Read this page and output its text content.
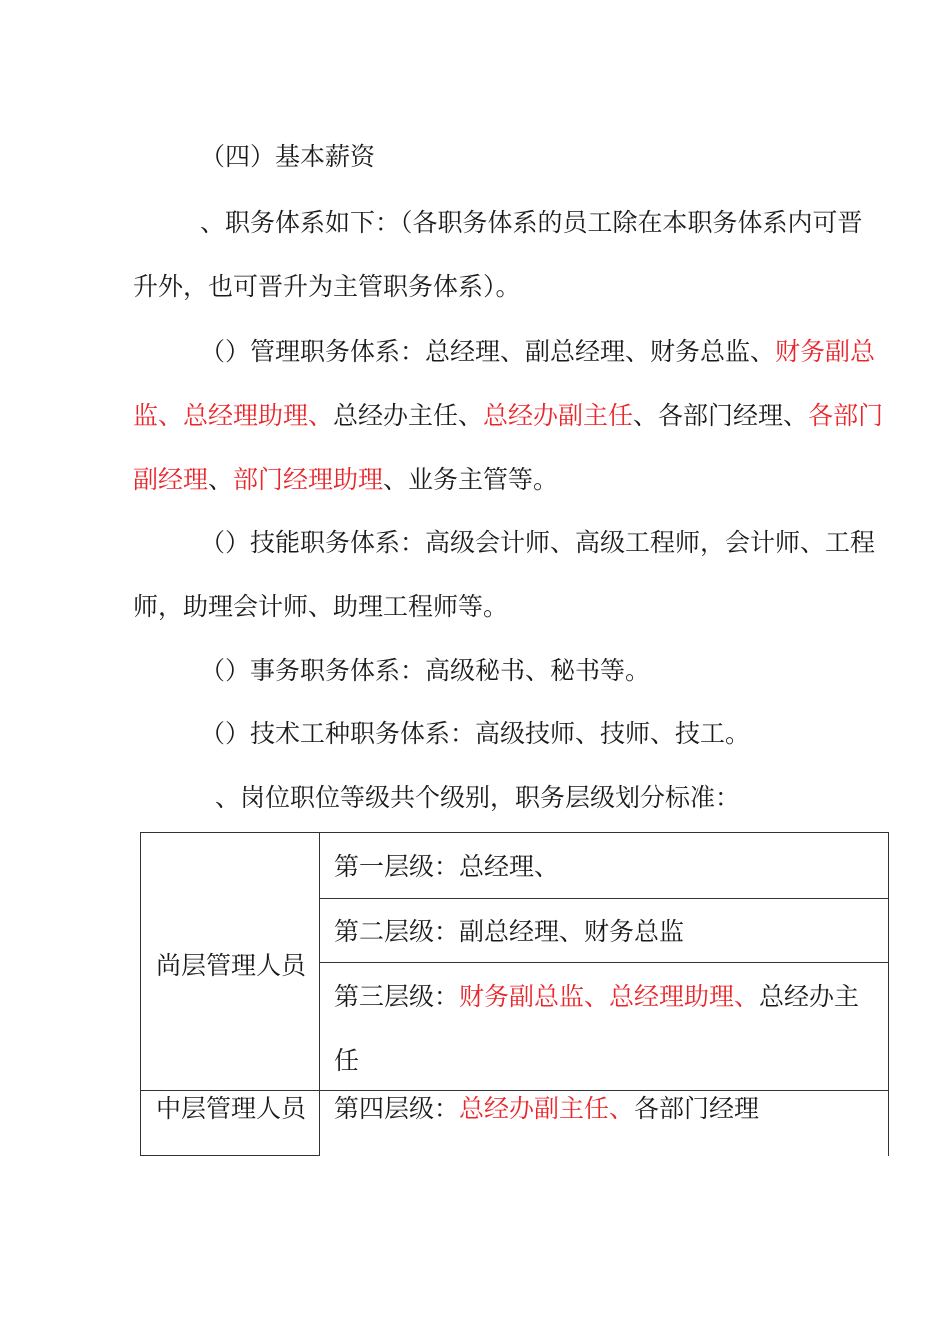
（四）基本薪资
、职务体系如下：（各职务体系的员工除在本职务体系内可晋
升外，也可晋升为主管职务体系）。
（）管理职务体系：总经理、副总经理、财务总监、财务副总
监、总经理助理、总经办主任、总经办副主任、各部门经理、各部门
副经理、部门经理助理、业务主管等。
（）技能职务体系：高级会计师、高级工程师，会计师、工程
师，助理会计师、助理工程师等。
（）事务职务体系：高级秘书、秘书等。
（）技术工种职务体系：高级技师、技师、技工。
、岗位职位等级共个级别，职务层级划分标准：
尚层管理人员
中层管理人员
第一层级：总经理、
第二层级：副总经理、财务总监
第三层级：财务副总监、总经理助理、总经办主
任
第四层级：总经办副主任、各部门经理
